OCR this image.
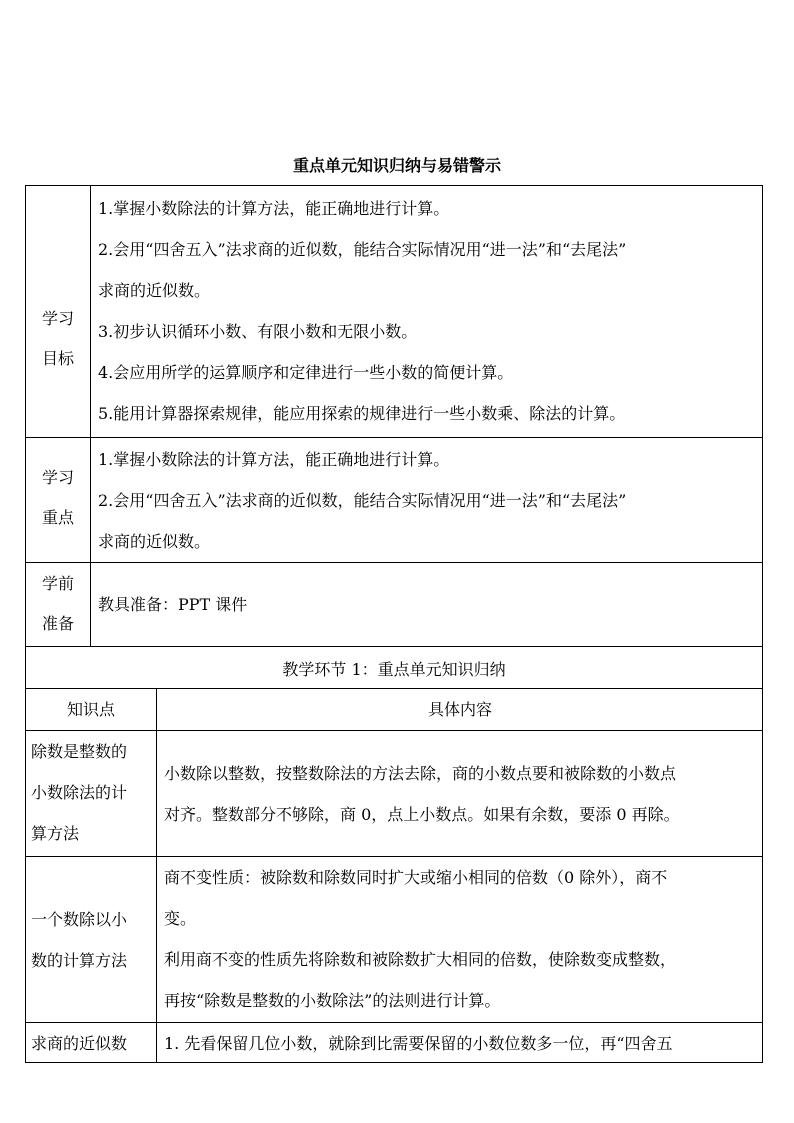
重点单元知识归纳与易错警示
学习
目标
1.掌握小数除法的计算方法，能正确地进行计算。
2.会用“四舍五入”法求商的近似数，能结合实际情况用“进一法”和“去尾法”
求商的近似数。
3.初步认识循环小数、有限小数和无限小数。
4.会应用所学的运算顺序和定律进行一些小数的简便计算。
5.能用计算器探索规律，能应用探索的规律进行一些小数乘、除法的计算。
学习
重点
1.掌握小数除法的计算方法，能正确地进行计算。
2.会用“四舍五入”法求商的近似数，能结合实际情况用“进一法”和“去尾法”
求商的近似数。
学前
准备
教具准备：PPT 课件
教学环节 1：重点单元知识归纳
知识点	具体内容
除数是整数的
小数除法的计
算方法
小数除以整数，按整数除法的方法去除，商的小数点要和被除数的小数点
对齐。整数部分不够除，商 0，点上小数点。如果有余数，要添 0 再除。
一个数除以小
数的计算方法
商不变性质：被除数和除数同时扩大或缩小相同的倍数（0 除外），商不
变。
利用商不变的性质先将除数和被除数扩大相同的倍数，使除数变成整数，
再按“除数是整数的小数除法”的法则进行计算。
求商的近似数	1. 先看保留几位小数，就除到比需要保留的小数位数多一位，再“四舍五
